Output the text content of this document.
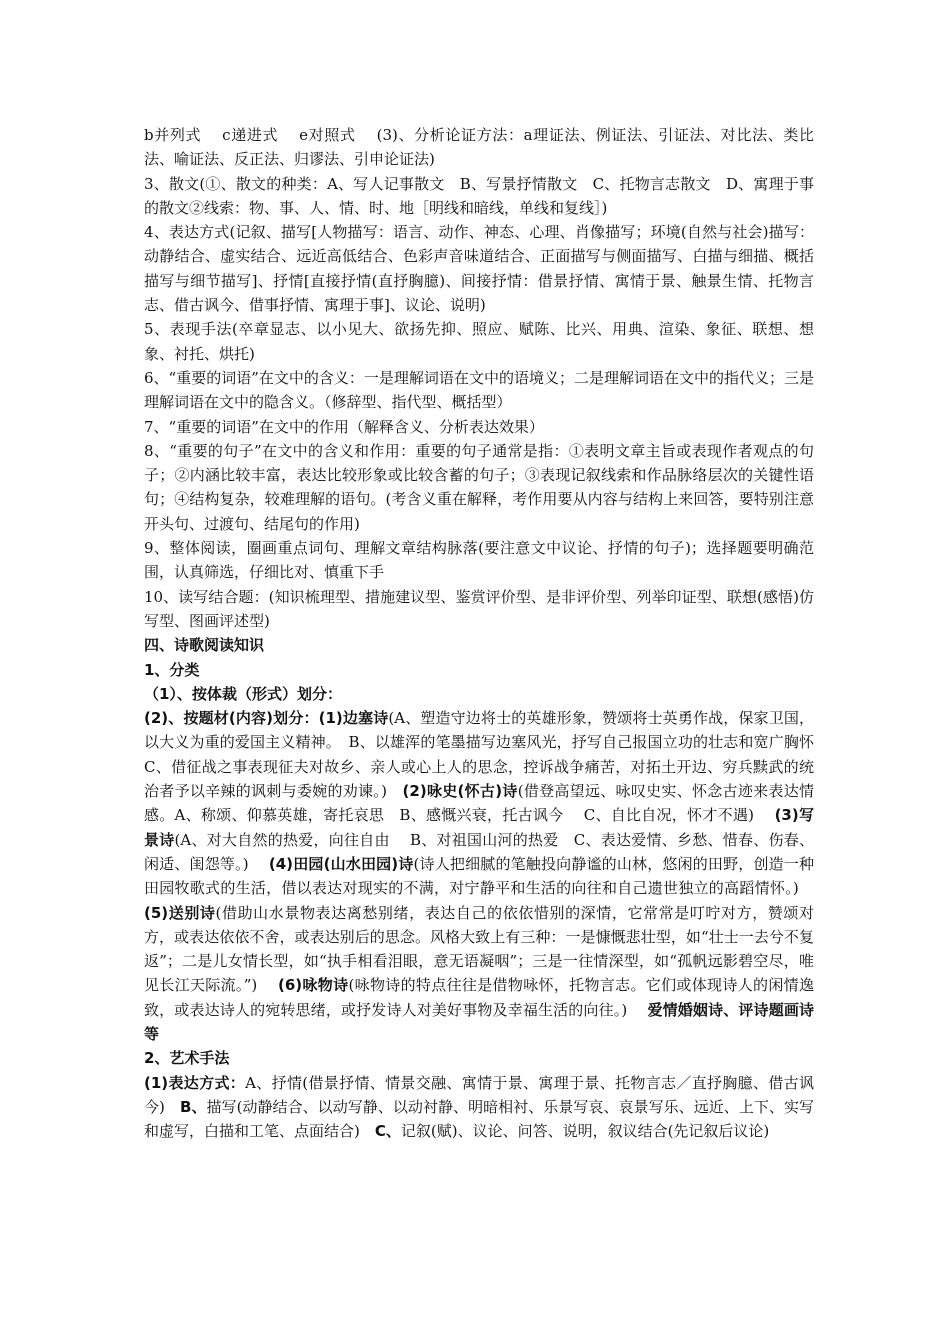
b并列式　 c递进式　 e对照式　 (3)、分析论证方法：a理证法、例证法、引证法、对比法、类比法、喻证法、反正法、归谬法、引申论证法)

3、散文(①、散文的种类：A、写人记事散文　B、写景抒情散文　C、托物言志散文　D、寓理于事的散文②线索：物、事、人、情、时、地［明线和暗线，单线和复线］)

4、表达方式(记叙、描写[人物描写：语言、动作、神态、心理、肖像描写；环境(自然与社会)描写：动静结合、虚实结合、远近高低结合、色彩声音味道结合、正面描写与侧面描写、白描与细描、概括描写与细节描写]、抒情[直接抒情(直抒胸臆)、间接抒情：借景抒情、寓情于景、触景生情、托物言志、借古讽今、借事抒情、寓理于事]、议论、说明)

5、表现手法(卒章显志、以小见大、欲扬先抑、照应、赋陈、比兴、用典、渲染、象征、联想、想象、衬托、烘托)

6、“重要的词语”在文中的含义：一是理解词语在文中的语境义；二是理解词语在文中的指代义；三是理解词语在文中的隐含义。（修辞型、指代型、概括型）

7、“重要的词语”在文中的作用（解释含义、分析表达效果）

8、“重要的句子”在文中的含义和作用：重要的句子通常是指：①表明文章主旨或表现作者观点的句子；②内涵比较丰富，表达比较形象或比较含蓄的句子；③表现记叙线索和作品脉络层次的关键性语句；④结构复杂，较难理解的语句。(考含义重在解释，考作用要从内容与结构上来回答，要特别注意开头句、过渡句、结尾句的作用)

9、整体阅读，圈画重点词句、理解文章结构脉落(要注意文中议论、抒情的句子)；选择题要明确范围，认真筛选，仔细比对、慎重下手

10、读写结合题：(知识梳理型、措施建议型、鉴赏评价型、是非评价型、列举印证型、联想(感悟)仿写型、图画评述型)

四、诗歌阅读知识

1、分类

（1）、按体裁（形式）划分：

(2)、按题材(内容)划分：(1)边塞诗(A、塑造守边将士的英雄形象，赞颂将士英勇作战，保家卫国，以大义为重的爱国主义精神。　B、以雄浑的笔墨描写边塞风光，抒写自己报国立功的壮志和宽广胸怀　C、借征战之事表现征夫对故乡、亲人或心上人的思念，控诉战争痛苦，对拓土开边、穷兵黩武的统治者予以辛辣的讽刺与委婉的劝谏。)　(2)咏史(怀古)诗(借登高望远、咏叹史实、怀念古迹来表达情感。A、称颂、仰慕英雄，寄托哀思　B、感慨兴衰，托古讽今　 C、自比自况，怀才不遇)　 (3)写景诗(A、对大自然的热爱，向往自由　 B、对祖国山河的热爱　C、表达爱情、乡愁、惜春、伤春、闲适、闺怨等。)　 (4)田园(山水田园)诗(诗人把细腻的笔触投向静谧的山林，悠闲的田野，创造一种田园牧歌式的生活，借以表达对现实的不满，对宁静平和生活的向往和自己遗世独立的高蹈情怀。)　 (5)送别诗(借助山水景物表达离愁别绪，表达自己的依依惜别的深情，它常常是叮咛对方，赞颂对方，或表达依依不舍，或表达别后的思念。风格大致上有三种：一是慷慨悲壮型，如“壮士一去兮不复返”；二是儿女情长型，如“执手相看泪眼，意无语凝咽”；三是一往情深型，如“孤帆远影碧空尽，唯见长江天际流。”)　 (6)咏物诗(咏物诗的特点往往是借物咏怀，托物言志。它们或体现诗人的闲情逸致，或表达诗人的宛转思绪，或抒发诗人对美好事物及幸福生活的向往。)　 爱情婚姻诗、评诗题画诗等

2、艺术手法

(1)表达方式：A、抒情(借景抒情、情景交融、寓情于景、寓理于景、托物言志／直抒胸臆、借古讽今)　B、描写(动静结合、以动写静、以动衬静、明暗相衬、乐景写哀、哀景写乐、远近、上下、实写和虚写，白描和工笔、点面结合)　C、记叙(赋)、议论、问答、说明，叙议结合(先记叙后议论)
